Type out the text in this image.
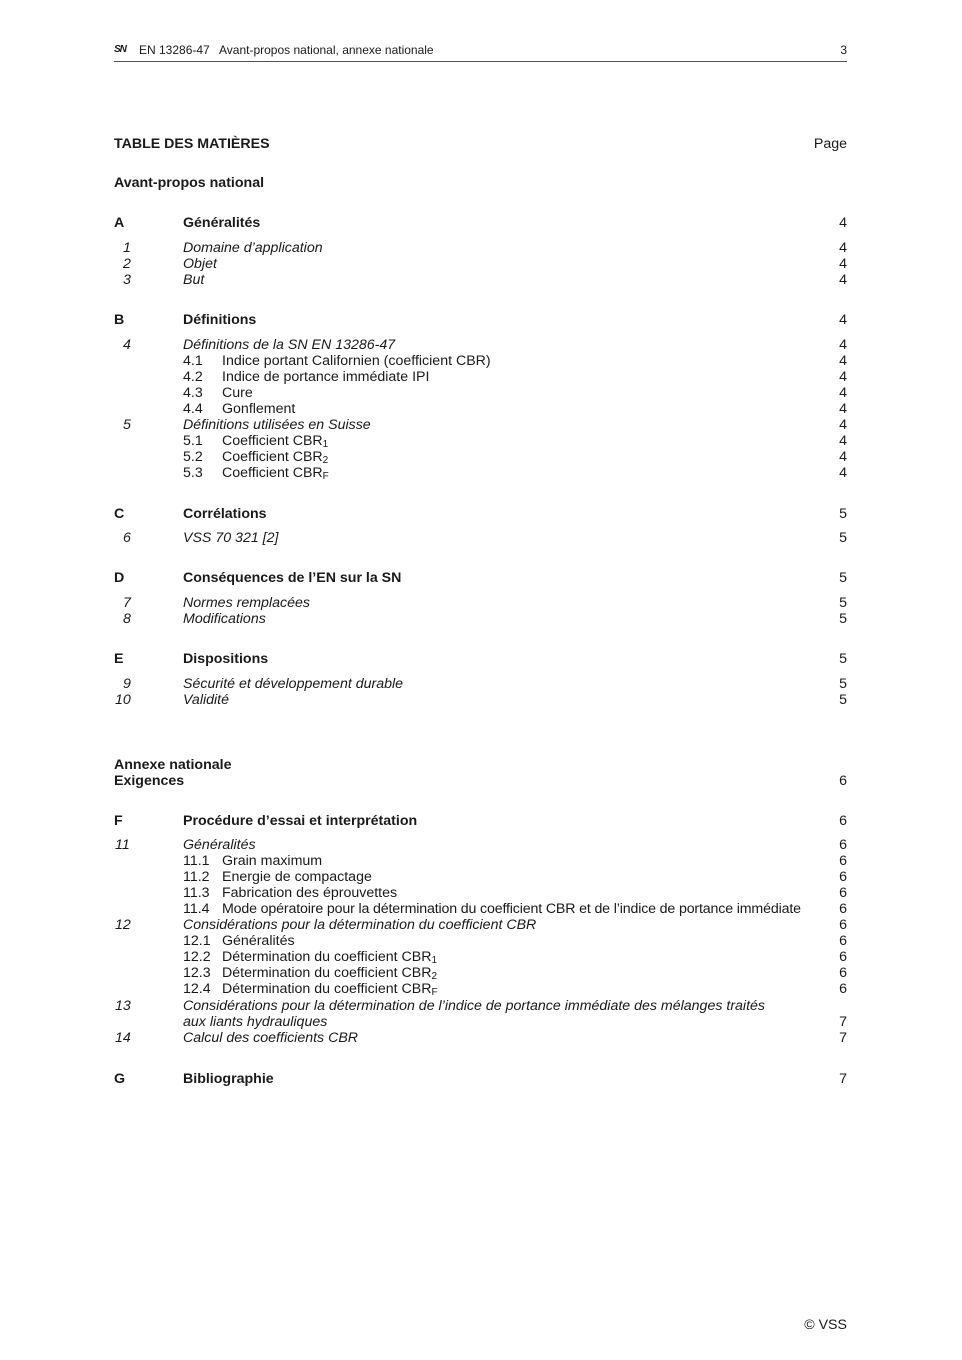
SN EN 13286-47 Avant-propos national, annexe nationale	3
TABLE DES MATIÈRES	Page
Avant-propos national
A	Généralités	4
1	Domaine d’application	4
2	Objet	4
3	But	4
B	Définitions	4
4	Définitions de la SN EN 13286-47	4
4.1 Indice portant Californien (coefficient CBR)	4
4.2 Indice de portance immédiate IPI	4
4.3 Cure	4
4.4 Gonflement	4
5	Définitions utilisées en Suisse	4
5.1 Coefficient $CBR_1$	4
5.2 Coefficient $CBR_2$	4
5.3 Coefficient $CBR_F$	4
C	Corrélations	5
6	VSS 70 321 [2]	5
D	Conséquences de l’EN sur la SN	5
7	Normes remplacées	5
8	Modifications	5
E	Dispositions	5
9	Sécurité et développement durable	5
10	Validité	5
Annexe nationale
Exigences	6
F	Procédure d’essai et interprétation	6
11	Généralités	6
11.1 Grain maximum	6
11.2 Energie de compactage	6
11.3 Fabrication des éprouvettes	6
11.4 Mode opératoire pour la détermination du coefficient CBR et de l’indice de portance immédiate	6
12	Considérations pour la détermination du coefficient CBR	6
12.1 Généralités	6
12.2 Détermination du coefficient $CBR_1$	6
12.3 Détermination du coefficient $CBR_2$	6
12.4 Détermination du coefficient $CBR_F$	6
13	Considérations pour la détermination de l’indice de portance immédiate des mélanges traités
aux liants hydrauliques	7
14	Calcul des coefficients CBR	7
G	Bibliographie	7
© VSS
